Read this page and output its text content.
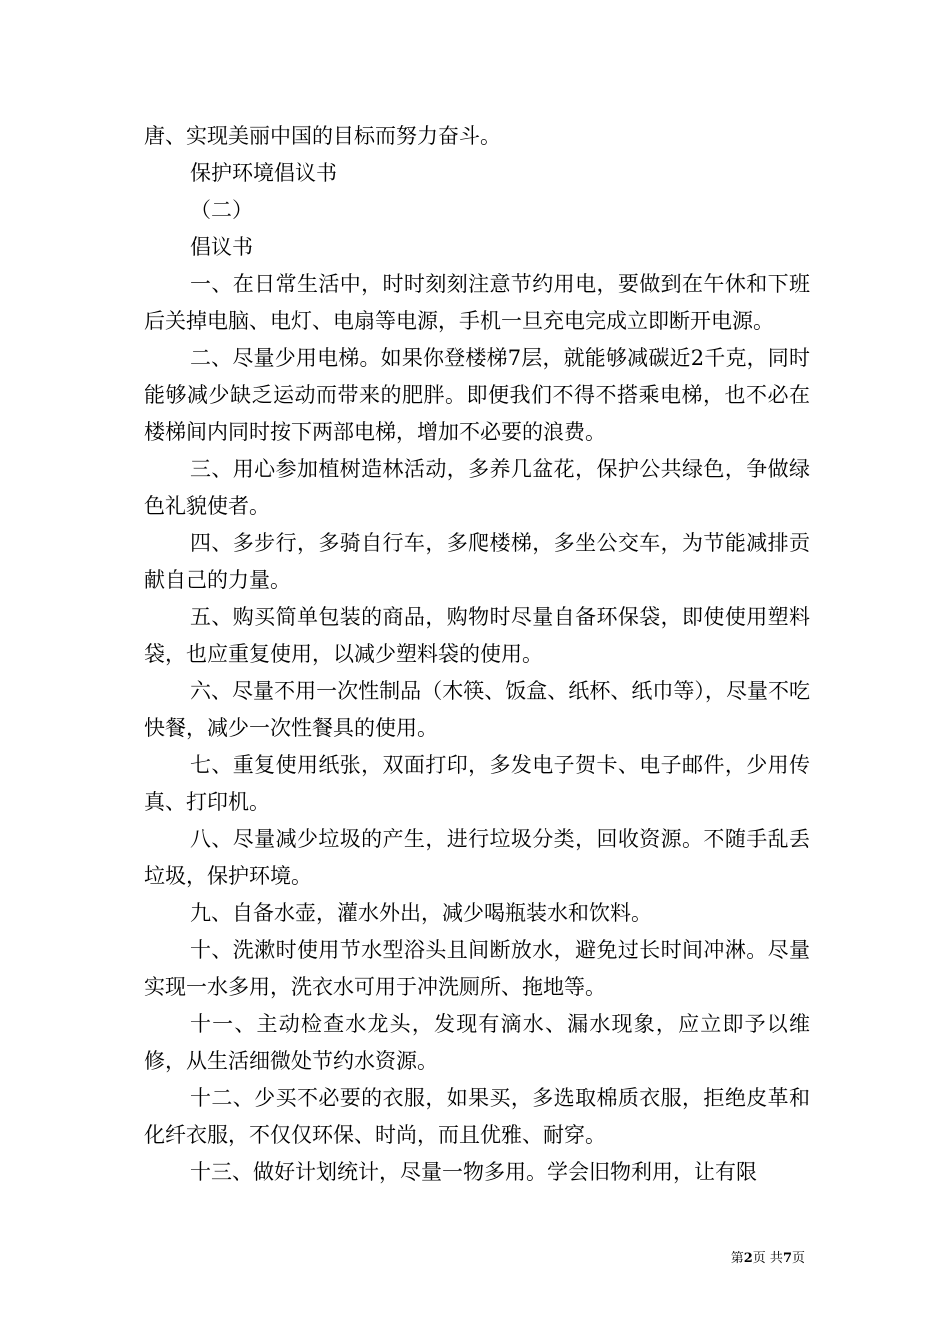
唐、实现美丽中国的目标而努力奋斗。

保护环境倡议书

（二）

倡议书

一、在日常生活中，时时刻刻注意节约用电，要做到在午休和下班后关掉电脑、电灯、电扇等电源，手机一旦充电完成立即断开电源。

二、尽量少用电梯。如果你登楼梯7层，就能够减碳近2千克，同时能够减少缺乏运动而带来的肥胖。即便我们不得不搭乘电梯，也不必在楼梯间内同时按下两部电梯，增加不必要的浪费。

三、用心参加植树造林活动，多养几盆花，保护公共绿色，争做绿色礼貌使者。

四、多步行，多骑自行车，多爬楼梯，多坐公交车，为节能减排贡献自己的力量。

五、购买简单包装的商品，购物时尽量自备环保袋，即使使用塑料袋，也应重复使用，以减少塑料袋的使用。

六、尽量不用一次性制品（木筷、饭盒、纸杯、纸巾等），尽量不吃快餐，减少一次性餐具的使用。

七、重复使用纸张，双面打印，多发电子贺卡、电子邮件，少用传真、打印机。

八、尽量减少垃圾的产生，进行垃圾分类，回收资源。不随手乱丢垃圾，保护环境。

九、自备水壶，灌水外出，减少喝瓶装水和饮料。

十、洗漱时使用节水型浴头且间断放水，避免过长时间冲淋。尽量实现一水多用，洗衣水可用于冲洗厕所、拖地等。

十一、主动检查水龙头，发现有滴水、漏水现象，应立即予以维修，从生活细微处节约水资源。

十二、少买不必要的衣服，如果买，多选取棉质衣服，拒绝皮革和化纤衣服，不仅仅环保、时尚，而且优雅、耐穿。

十三、做好计划统计，尽量一物多用。学会旧物利用，让有限

第2页 共7页
